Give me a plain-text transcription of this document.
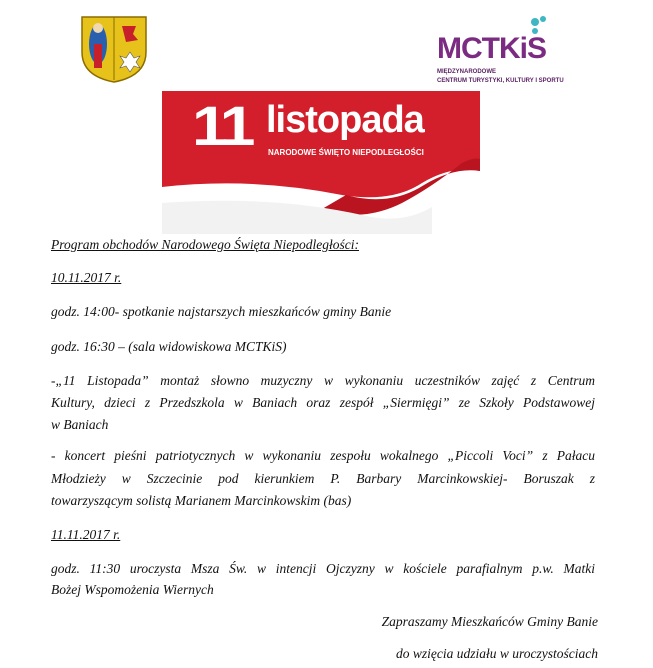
MCTKiS
MIĘDZYNARODOWE
CENTRUM TURYSTYKI, KULTURY I SPORTU
11 listopada
NARODOWE ŚWIĘTO NIEPODLEGŁOŚCI
Program obchodów Narodowego Święta Niepodległości:
10.11.2017 r.
godz. 14:00- spotkanie najstarszych mieszkańców gminy Banie
godz. 16:30 – (sala widowiskowa MCTKiS)
-„11 Listopada” montaż słowno muzyczny w wykonaniu uczestników zajęć z Centrum
Kultury, dzieci z Przedszkola w Baniach oraz zespół „Siermięgi” ze Szkoły Podstawowej
w Baniach
- koncert pieśni patriotycznych w wykonaniu zespołu wokalnego „Piccoli Voci” z Pałacu
Młodzieży w Szczecinie pod kierunkiem P. Barbary Marcinkowskiej- Boruszak z
towarzyszącym solistą Marianem Marcinkowskim (bas)
11.11.2017 r.
godz. 11:30 uroczysta Msza Św. w intencji Ojczyzny w kościele parafialnym p.w. Matki
Bożej Wspomożenia Wiernych
Zapraszamy Mieszkańców Gminy Banie
do wzięcia udziału w uroczystościach
